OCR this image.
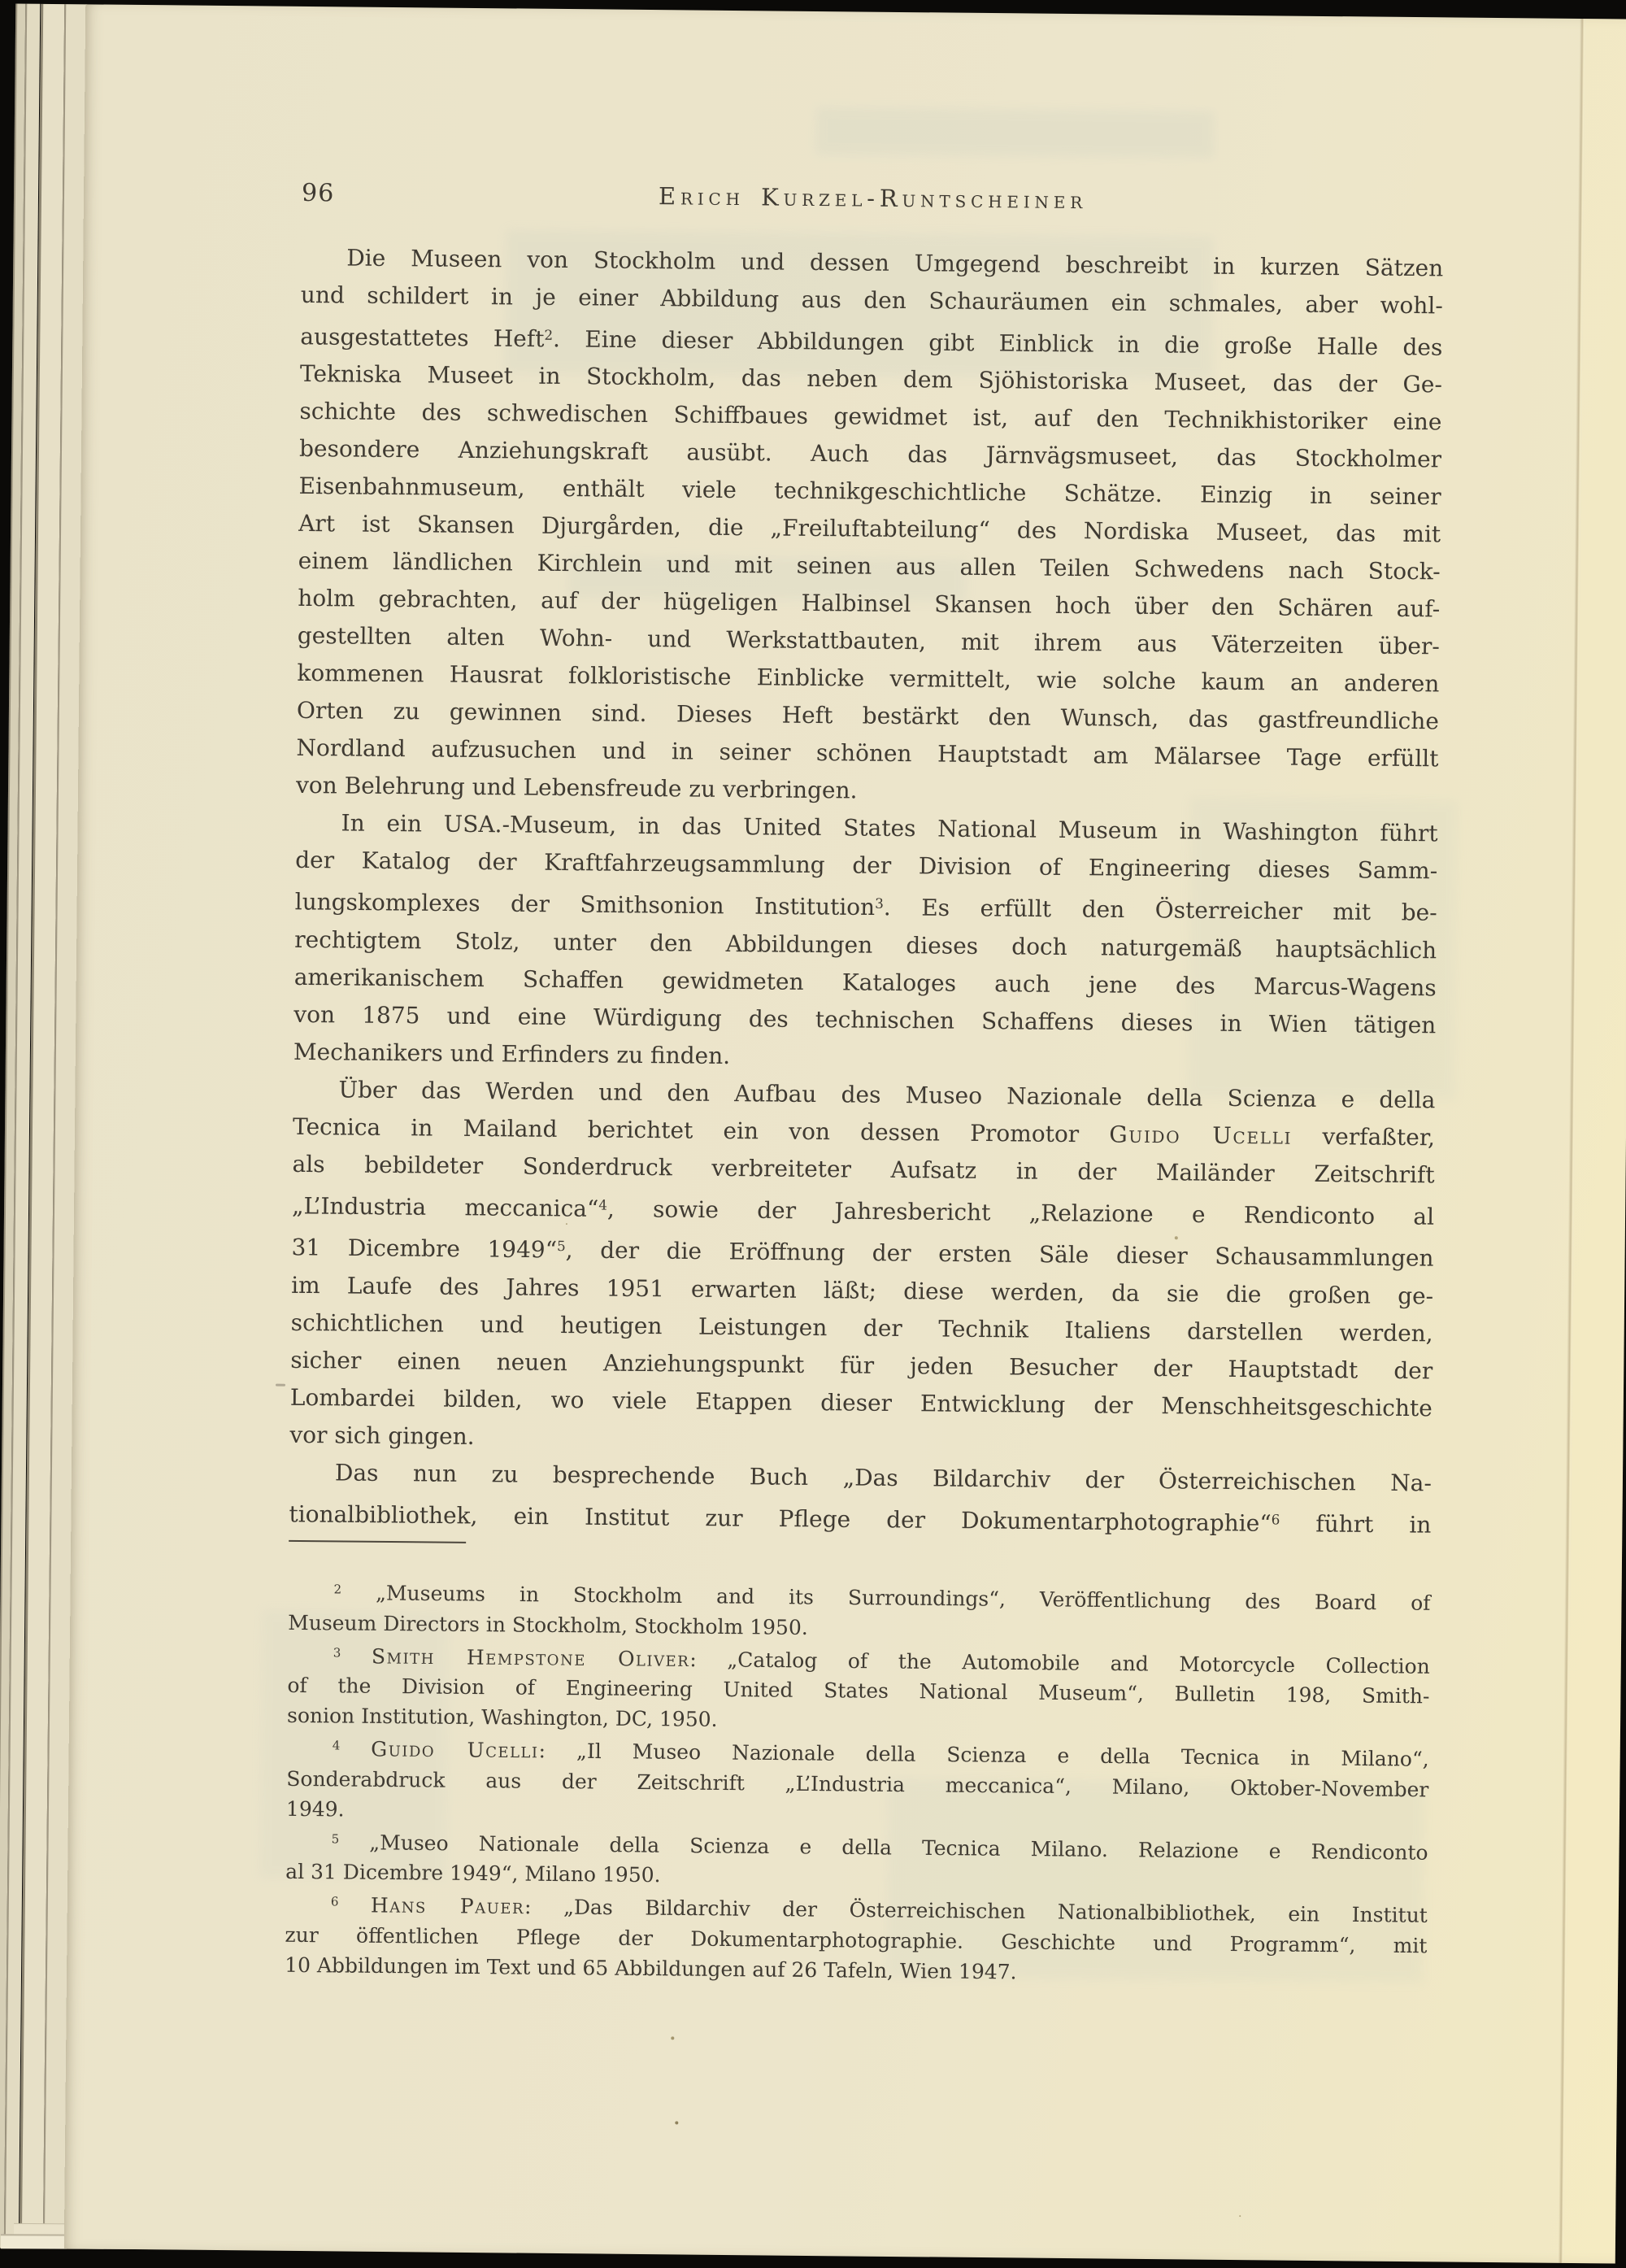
96	Erich Kurzel-Runtscheiner
Die Museen von Stockholm und dessen Umgegend beschreibt in kurzen Sätzen
und schildert in je einer Abbildung aus den Schauräumen ein schmales, aber wohl-
ausgestattetes Heft$^2$. Eine dieser Abbildungen gibt Einblick in die große Halle des
Tekniska Museet in Stockholm, das neben dem Sjöhistoriska Museet, das der Ge-
schichte des schwedischen Schiffbaues gewidmet ist, auf den Technikhistoriker eine
besondere Anziehungskraft ausübt. Auch das Järnvägsmuseet, das Stockholmer
Eisenbahnmuseum, enthält viele technikgeschichtliche Schätze. Einzig in seiner
Art ist Skansen Djurgården, die „Freiluftabteilung“ des Nordiska Museet, das mit
einem ländlichen Kirchlein und mit seinen aus allen Teilen Schwedens nach Stock-
holm gebrachten, auf der hügeligen Halbinsel Skansen hoch über den Schären auf-
gestellten alten Wohn- und Werkstattbauten, mit ihrem aus Väterzeiten über-
kommenen Hausrat folkloristische Einblicke vermittelt, wie solche kaum an anderen
Orten zu gewinnen sind. Dieses Heft bestärkt den Wunsch, das gastfreundliche
Nordland aufzusuchen und in seiner schönen Hauptstadt am Mälarsee Tage erfüllt
von Belehrung und Lebensfreude zu verbringen.
In ein USA.-Museum, in das United States National Museum in Washington führt
der Katalog der Kraftfahrzeugsammlung der Division of Engineering dieses Samm-
lungskomplexes der Smithsonion Institution$^3$. Es erfüllt den Österreicher mit be-
rechtigtem Stolz, unter den Abbildungen dieses doch naturgemäß hauptsächlich
amerikanischem Schaffen gewidmeten Kataloges auch jene des Marcus-Wagens
von 1875 und eine Würdigung des technischen Schaffens dieses in Wien tätigen
Mechanikers und Erfinders zu finden.
Über das Werden und den Aufbau des Museo Nazionale della Scienza e della
Tecnica in Mailand berichtet ein von dessen Promotor Guido Ucelli verfaßter,
als bebildeter Sonderdruck verbreiteter Aufsatz in der Mailänder Zeitschrift
„L’Industria meccanica“$^4$, sowie der Jahresbericht „Relazione e Rendiconto al
31 Dicembre 1949“$^5$, der die Eröffnung der ersten Säle dieser Schausammlungen
im Laufe des Jahres 1951 erwarten läßt; diese werden, da sie die großen ge-
schichtlichen und heutigen Leistungen der Technik Italiens darstellen werden,
sicher einen neuen Anziehungspunkt für jeden Besucher der Hauptstadt der
Lombardei bilden, wo viele Etappen dieser Entwicklung der Menschheitsgeschichte
vor sich gingen.
Das nun zu besprechende Buch „Das Bildarchiv der Österreichischen Na-
tionalbibliothek, ein Institut zur Pflege der Dokumentarphotographie“$^6$ führt in
$^2$ „Museums in Stockholm and its Surroundings“, Veröffentlichung des Board of
Museum Directors in Stockholm, Stockholm 1950.
$^3$ Smith Hempstone Oliver: „Catalog of the Automobile and Motorcycle Collection
of the Division of Engineering United States National Museum“, Bulletin 198, Smith-
sonion Institution, Washington, DC, 1950.
$^4$ Guido Ucelli: „Il Museo Nazionale della Scienza e della Tecnica in Milano“,
Sonderabdruck aus der Zeitschrift „L’Industria meccanica“, Milano, Oktober-November
1949.
$^5$ „Museo Nationale della Scienza e della Tecnica Milano. Relazione e Rendiconto
al 31 Dicembre 1949“, Milano 1950.
$^6$ Hans Pauer: „Das Bildarchiv der Österreichischen Nationalbibliothek, ein Institut
zur öffentlichen Pflege der Dokumentarphotographie. Geschichte und Programm“, mit
10 Abbildungen im Text und 65 Abbildungen auf 26 Tafeln, Wien 1947.
